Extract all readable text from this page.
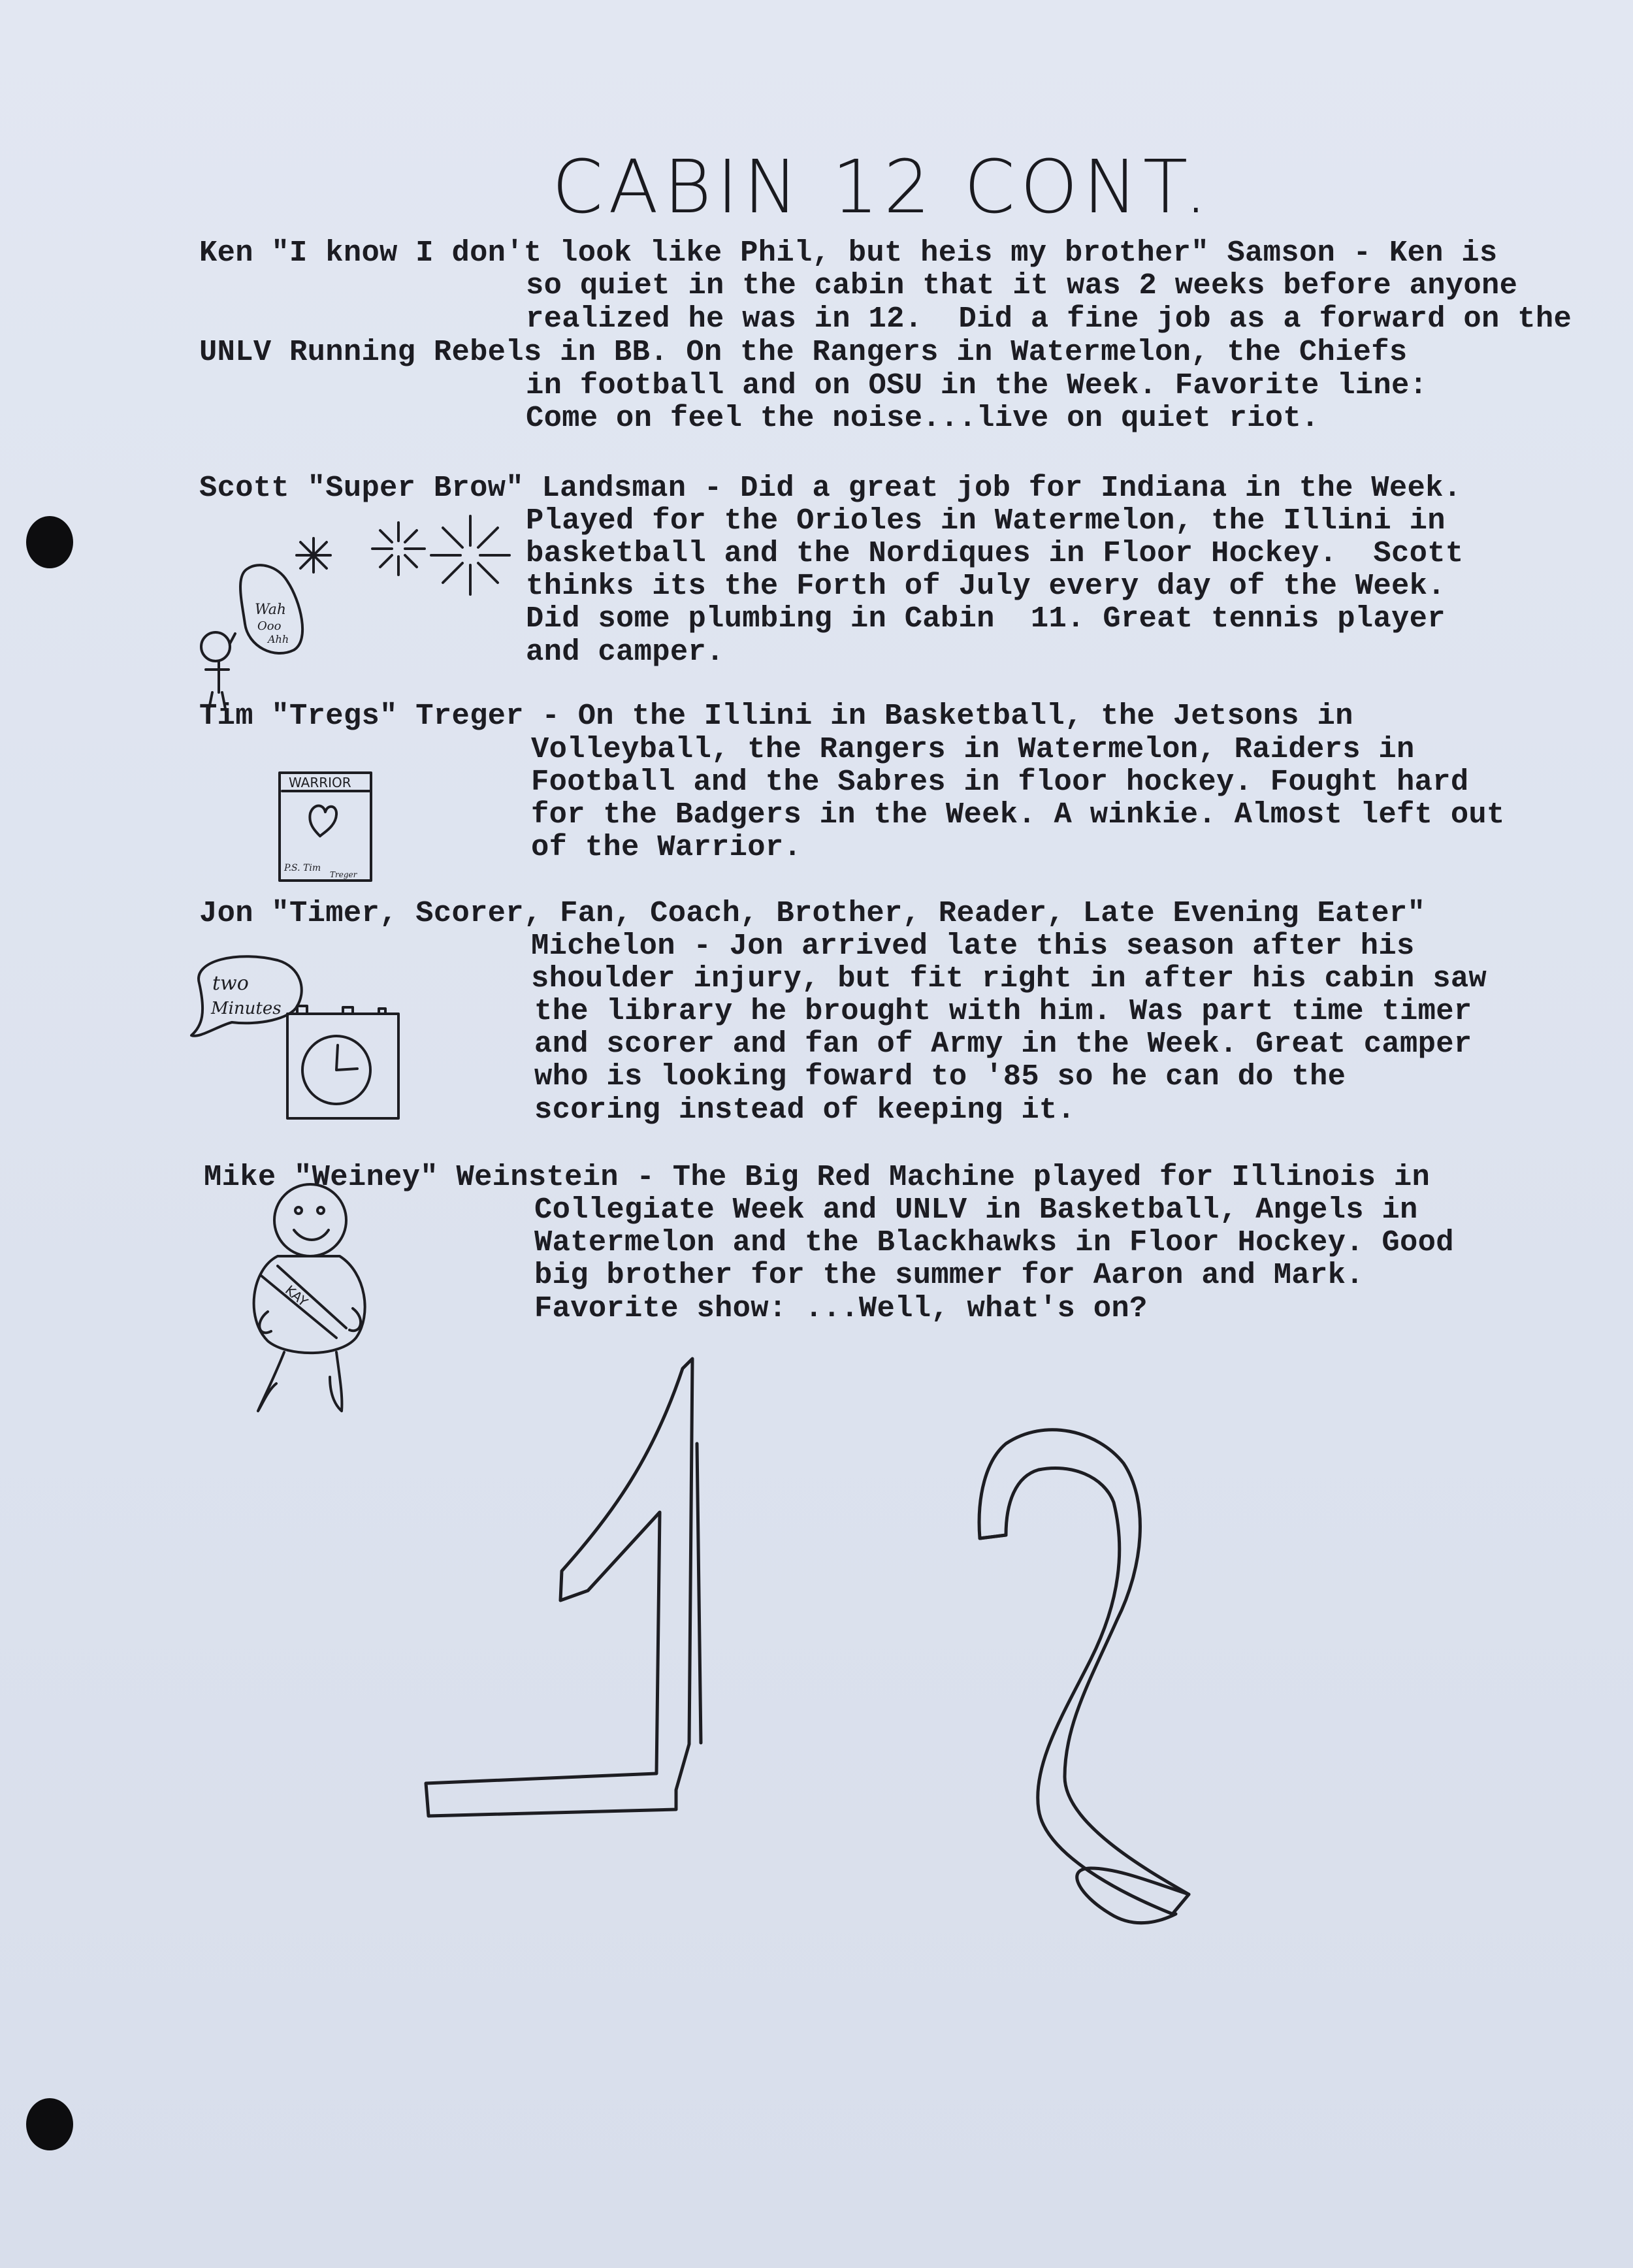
CABIN 12 CONT.
Ken "I know I don't look like Phil, but heis my brother" Samson - Ken is
so quiet in the cabin that it was 2 weeks before anyone
realized he was in 12.  Did a fine job as a forward on the
UNLV Running Rebels in BB. On the Rangers in Watermelon, the Chiefs
in football and on OSU in the Week. Favorite line:
Come on feel the noise...live on quiet riot.
Scott "Super Brow" Landsman - Did a great job for Indiana in the Week.
Played for the Orioles in Watermelon, the Illini in
basketball and the Nordiques in Floor Hockey.  Scott
thinks its the Forth of July every day of the Week.
Did some plumbing in Cabin  11. Great tennis player
and camper.
Tim "Tregs" Treger - On the Illini in Basketball, the Jetsons in
Volleyball, the Rangers in Watermelon, Raiders in
Football and the Sabres in floor hockey. Fought hard
for the Badgers in the Week. A winkie. Almost left out
of the Warrior.
Jon "Timer, Scorer, Fan, Coach, Brother, Reader, Late Evening Eater"
Michelon - Jon arrived late this season after his
shoulder injury, but fit right in after his cabin saw
the library he brought with him. Was part time timer
and scorer and fan of Army in the Week. Great camper
who is looking foward to '85 so he can do the
scoring instead of keeping it.
Mike "Weiney" Weinstein - The Big Red Machine played for Illinois in
Collegiate Week and UNLV in Basketball, Angels in
Watermelon and the Blackhawks in Floor Hockey. Good
big brother for the summer for Aaron and Mark.
Favorite show: ...Well, what's on?
Wah
Ooo
Ahh
WARRIOR
P.S. Tim
Treger
two
Minutes
KAY
